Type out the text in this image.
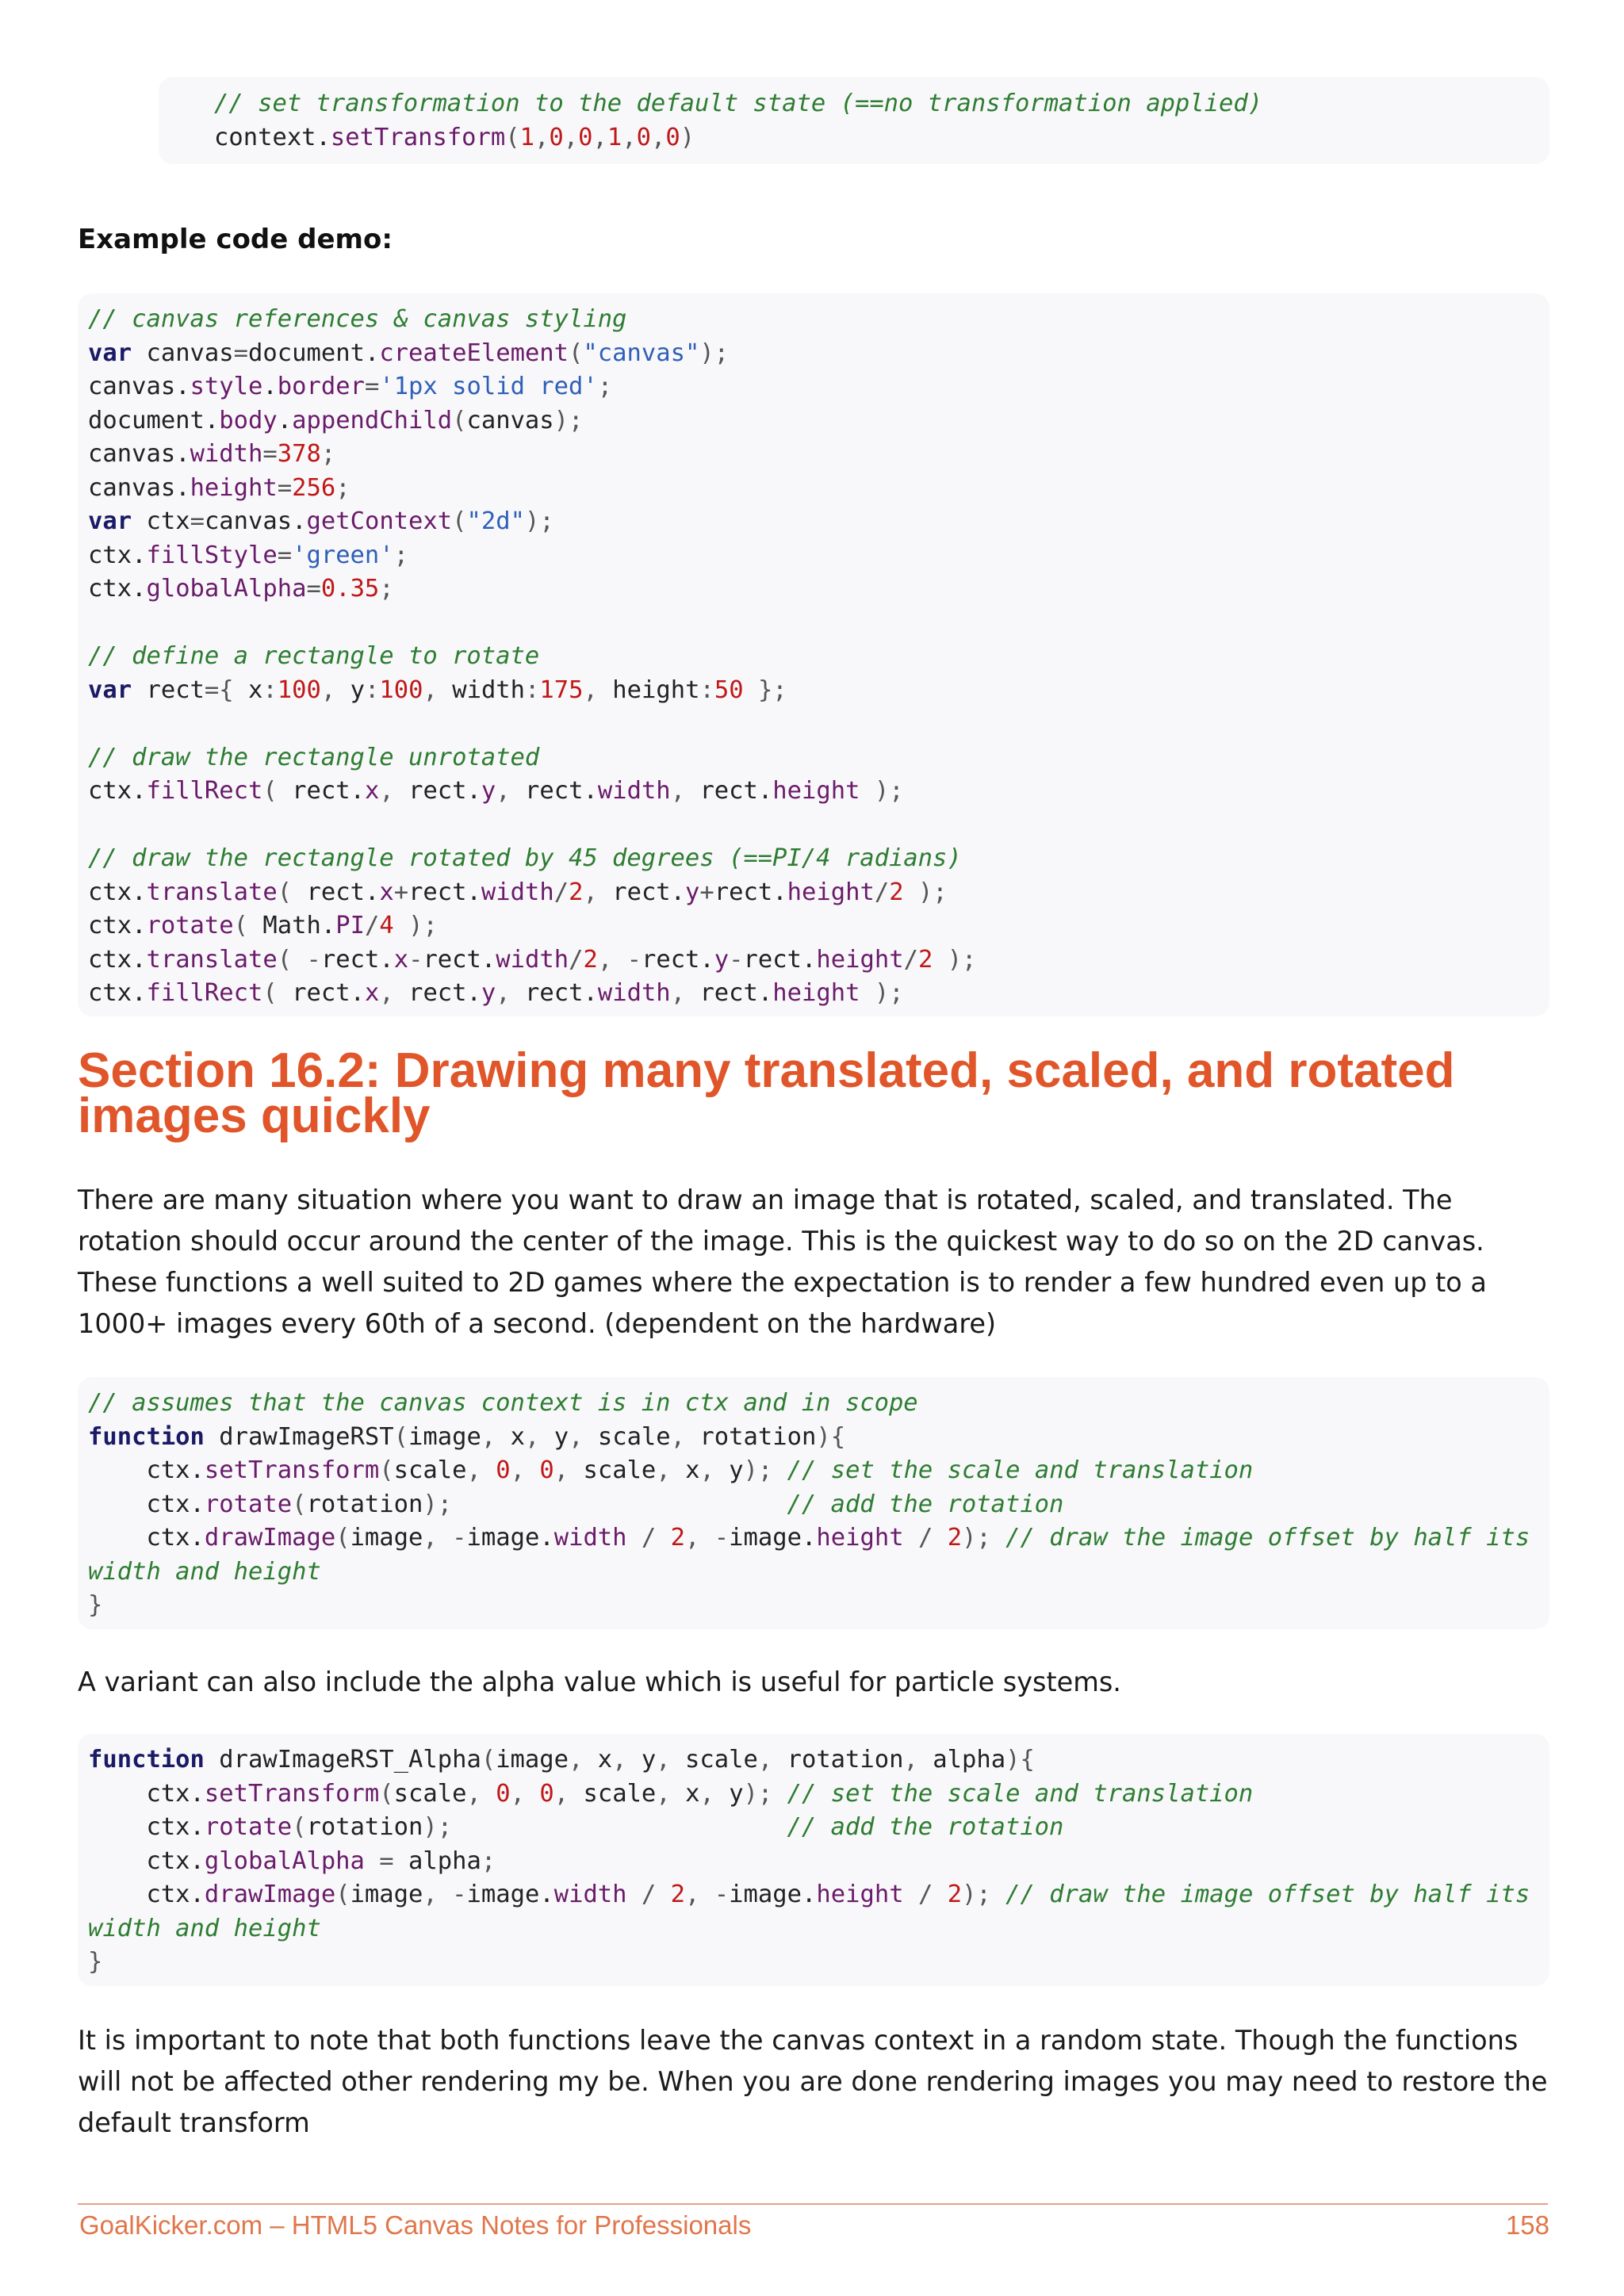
// set transformation to the default state (==no transformation applied)
context.setTransform(1,0,0,1,0,0)
Example code demo:
// canvas references & canvas styling
var canvas=document.createElement("canvas");
canvas.style.border='1px solid red';
document.body.appendChild(canvas);
canvas.width=378;
canvas.height=256;
var ctx=canvas.getContext("2d");
ctx.fillStyle='green';
ctx.globalAlpha=0.35;

// define a rectangle to rotate
var rect={ x:100, y:100, width:175, height:50 };

// draw the rectangle unrotated
ctx.fillRect( rect.x, rect.y, rect.width, rect.height );

// draw the rectangle rotated by 45 degrees (==PI/4 radians)
ctx.translate( rect.x+rect.width/2, rect.y+rect.height/2 );
ctx.rotate( Math.PI/4 );
ctx.translate( -rect.x-rect.width/2, -rect.y-rect.height/2 );
ctx.fillRect( rect.x, rect.y, rect.width, rect.height );
Section 16.2: Drawing many translated, scaled, and rotated images quickly

There are many situation where you want to draw an image that is rotated, scaled, and translated. The rotation should occur around the center of the image. This is the quickest way to do so on the 2D canvas. These functions a well suited to 2D games where the expectation is to render a few hundred even up to a 1000+ images every 60th of a second. (dependent on the hardware)

// assumes that the canvas context is in ctx and in scope
function drawImageRST(image, x, y, scale, rotation){
ctx.setTransform(scale, 0, 0, scale, x, y); // set the scale and translation
ctx.rotate(rotation);	// add the rotation
ctx.drawImage(image, -image.width / 2, -image.height / 2); // draw the image offset by half its
width and height
}

A variant can also include the alpha value which is useful for particle systems.

function drawImageRST_Alpha(image, x, y, scale, rotation, alpha){
ctx.setTransform(scale, 0, 0, scale, x, y); // set the scale and translation
ctx.rotate(rotation);	// add the rotation
ctx.globalAlpha = alpha;
ctx.drawImage(image, -image.width / 2, -image.height / 2); // draw the image offset by half its
width and height
}

It is important to note that both functions leave the canvas context in a random state. Though the functions will not be affected other rendering my be. When you are done rendering images you may need to restore the default transform

GoalKicker.com – HTML5 Canvas Notes for Professionals	158
